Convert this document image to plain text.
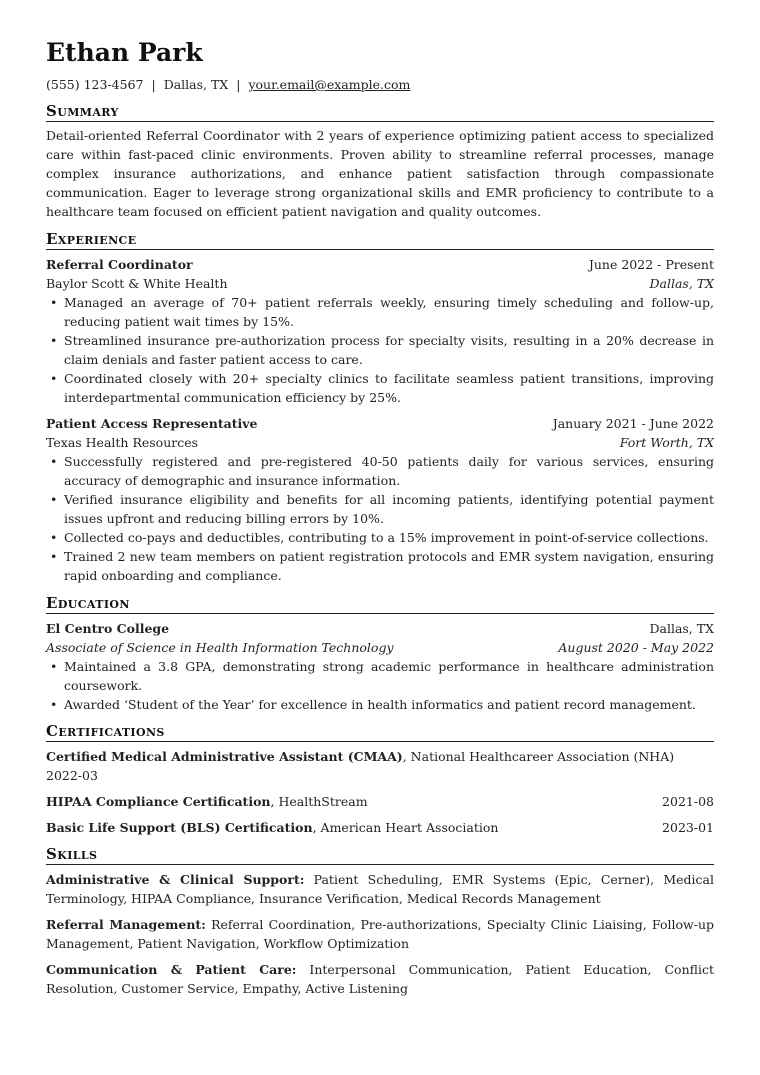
Ethan Park
(555) 123-4567 | Dallas, TX | your.email@example.com
Summary

Detail-oriented Referral Coordinator with 2 years of experience optimizing patient access to specialized care within fast-paced clinic environments. Proven ability to streamline referral processes, manage complex insurance authorizations, and enhance patient satisfaction through compassionate communication. Eager to leverage strong organizational skills and EMR proficiency to contribute to a healthcare team focused on efficient patient navigation and quality outcomes.

Experience
Referral Coordinator	June 2022 - Present
Baylor Scott & White Health	Dallas, TX
• Managed an average of 70+ patient referrals weekly, ensuring timely scheduling and follow-up, reducing patient wait times by 15%.
• Streamlined insurance pre-authorization process for specialty visits, resulting in a 20% decrease in claim denials and faster patient access to care.
• Coordinated closely with 20+ specialty clinics to facilitate seamless patient transitions, improving interdepartmental communication efficiency by 25%.
Patient Access Representative	January 2021 - June 2022
Texas Health Resources	Fort Worth, TX
• Successfully registered and pre-registered 40-50 patients daily for various services, ensuring accuracy of demographic and insurance information.
• Verified insurance eligibility and benefits for all incoming patients, identifying potential payment issues upfront and reducing billing errors by 10%.
• Collected co-pays and deductibles, contributing to a 15% improvement in point-of-service collections.
• Trained 2 new team members on patient registration protocols and EMR system navigation, ensuring rapid onboarding and compliance.
Education
El Centro College	Dallas, TX
Associate of Science in Health Information Technology	August 2020 - May 2022
• Maintained a 3.8 GPA, demonstrating strong academic performance in healthcare administration coursework.
• Awarded ‘Student of the Year’ for excellence in health informatics and patient record management.
Certifications
Certified Medical Administrative Assistant (CMAA), National Healthcareer Association (NHA)
2022-03
HIPAA Compliance Certification, HealthStream	2021-08
Basic Life Support (BLS) Certification, American Heart Association	2023-01
Skills
Administrative & Clinical Support: Patient Scheduling, EMR Systems (Epic, Cerner), Medical Terminology, HIPAA Compliance, Insurance Verification, Medical Records Management
Referral Management: Referral Coordination, Pre-authorizations, Specialty Clinic Liaising, Follow-up Management, Patient Navigation, Workflow Optimization
Communication & Patient Care: Interpersonal Communication, Patient Education, Conflict Resolution, Customer Service, Empathy, Active Listening
